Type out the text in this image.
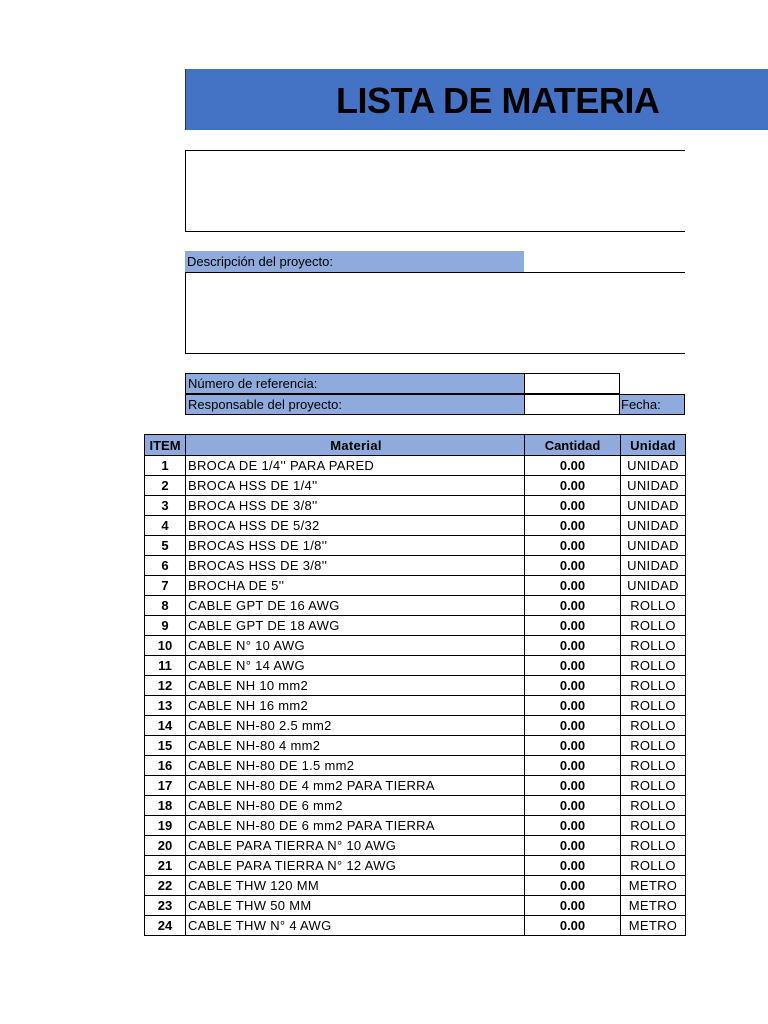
LISTA DE MATERIA
Descripción del proyecto:
Número de referencia:
Responsable del proyecto:	Fecha:
ITEM	Material	Cantidad	Unidad
1	BROCA DE 1/4'' PARA PARED	0.00	UNIDAD
2	BROCA HSS DE 1/4''	0.00	UNIDAD
3	BROCA HSS DE 3/8''	0.00	UNIDAD
4	BROCA HSS DE 5/32	0.00	UNIDAD
5	BROCAS HSS DE 1/8''	0.00	UNIDAD
6	BROCAS HSS DE 3/8''	0.00	UNIDAD
7	BROCHA DE 5''	0.00	UNIDAD
8	CABLE GPT DE 16 AWG	0.00	ROLLO
9	CABLE GPT DE 18 AWG	0.00	ROLLO
10	CABLE N° 10 AWG	0.00	ROLLO
11	CABLE N° 14 AWG	0.00	ROLLO
12	CABLE NH 10 mm2	0.00	ROLLO
13	CABLE NH 16 mm2	0.00	ROLLO
14	CABLE NH-80 2.5 mm2	0.00	ROLLO
15	CABLE NH-80 4 mm2	0.00	ROLLO
16	CABLE NH-80 DE 1.5 mm2	0.00	ROLLO
17	CABLE NH-80 DE 4 mm2 PARA TIERRA	0.00	ROLLO
18	CABLE NH-80 DE 6 mm2	0.00	ROLLO
19	CABLE NH-80 DE 6 mm2 PARA TIERRA	0.00	ROLLO
20	CABLE PARA TIERRA N° 10 AWG	0.00	ROLLO
21	CABLE PARA TIERRA N° 12 AWG	0.00	ROLLO
22	CABLE THW 120 MM	0.00	METRO
23	CABLE THW 50 MM	0.00	METRO
24	CABLE THW N° 4 AWG	0.00	METRO
